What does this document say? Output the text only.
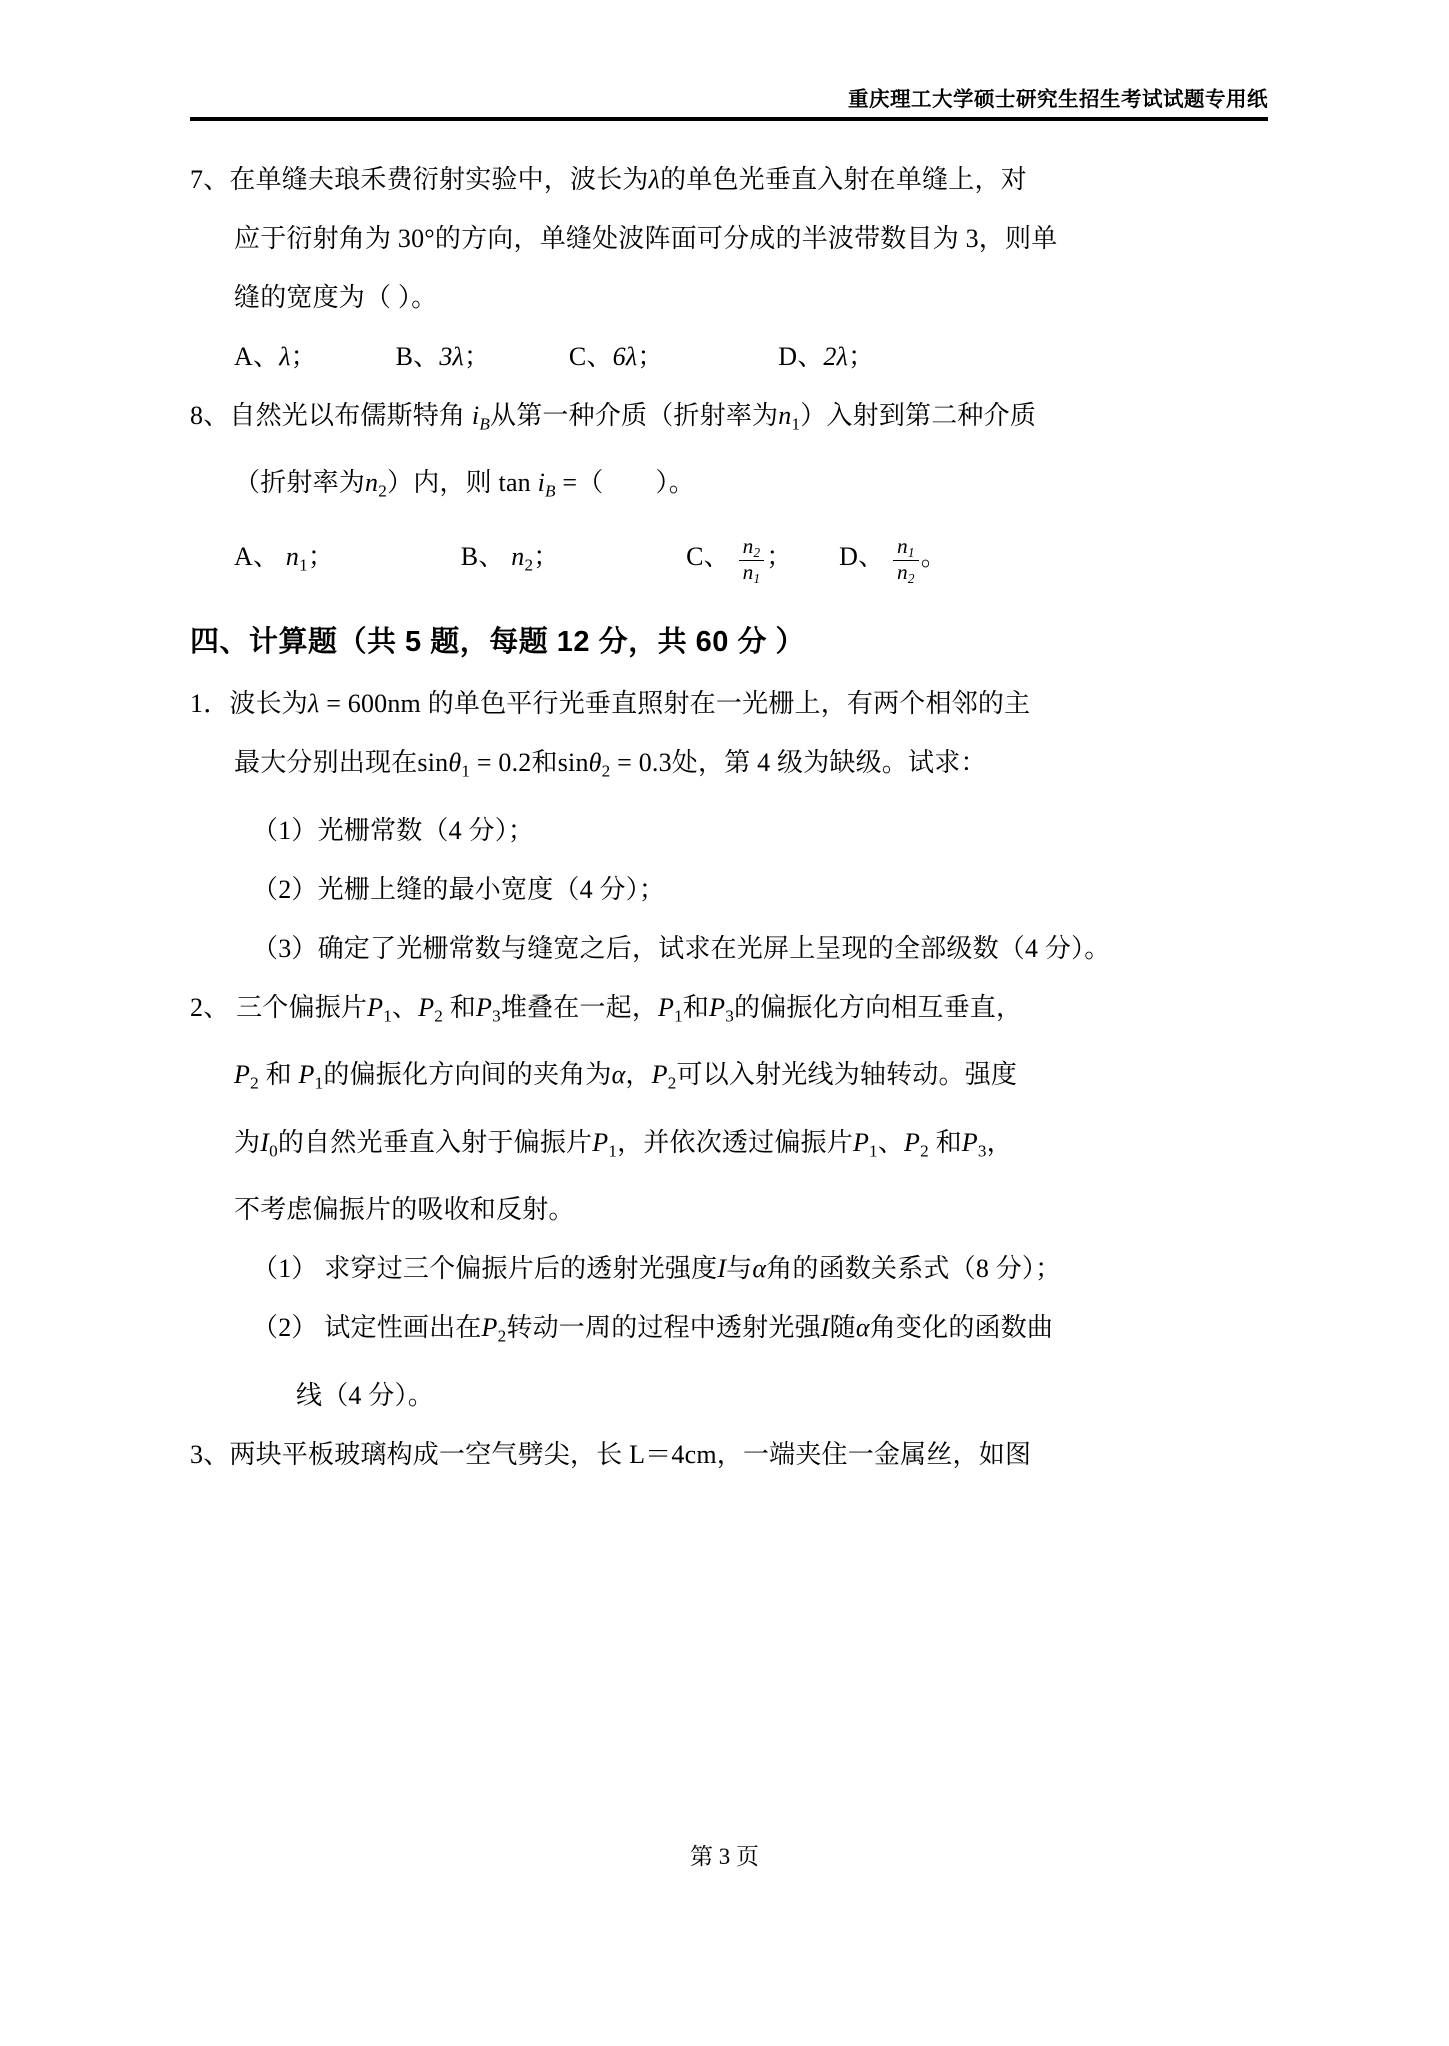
重庆理工大学硕士研究生招生考试试题专用纸
7、在单缝夫琅禾费衍射实验中，波长为λ的单色光垂直入射在单缝上，对
应于衍射角为 30°的方向，单缝处波阵面可分成的半波带数目为 3，则单
缝的宽度为（ ）。
A、λ；	B、3λ；	C、6λ；	D、2λ；
8、自然光以布儒斯特角 $i_B$从第一种介质（折射率为$n_1$）入射到第二种介质
（折射率为$n_2$）内，则 $\tan i_B$ =（ ）。
A、 $n_1$；	B、 $n_2$；	C、 $\frac{n_2}{n_1}$ ； D、 $\frac{n_1}{n_2}$ 。
四、计算题（共 5 题，每题 12 分，共 60 分 ）
1．波长为λ = 600nm 的单色平行光垂直照射在一光栅上，有两个相邻的主
最大分别出现在sinθ$_1$ = 0.2和sinθ$_2$ = 0.3处，第 4 级为缺级。试求：
（1）光栅常数（4 分）；
（2）光栅上缝的最小宽度（4 分）；
（3）确定了光栅常数与缝宽之后，试求在光屏上呈现的全部级数（4 分）。
2、 三个偏振片$P_1$、$P_2$ 和$P_3$堆叠在一起，$P_1$和$P_3$的偏振化方向相互垂直，
$P_2$ 和 $P_1$的偏振化方向间的夹角为α，$P_2$可以入射光线为轴转动。强度
为$I_0$的自然光垂直入射于偏振片$P_1$，并依次透过偏振片$P_1$、$P_2$ 和$P_3$，
不考虑偏振片的吸收和反射。
（1） 求穿过三个偏振片后的透射光强度I与α角的函数关系式（8 分）；
（2） 试定性画出在$P_2$转动一周的过程中透射光强I随α角变化的函数曲
线（4 分）。
3、两块平板玻璃构成一空气劈尖，长 L＝4cm，一端夹住一金属丝，如图
第 3 页
